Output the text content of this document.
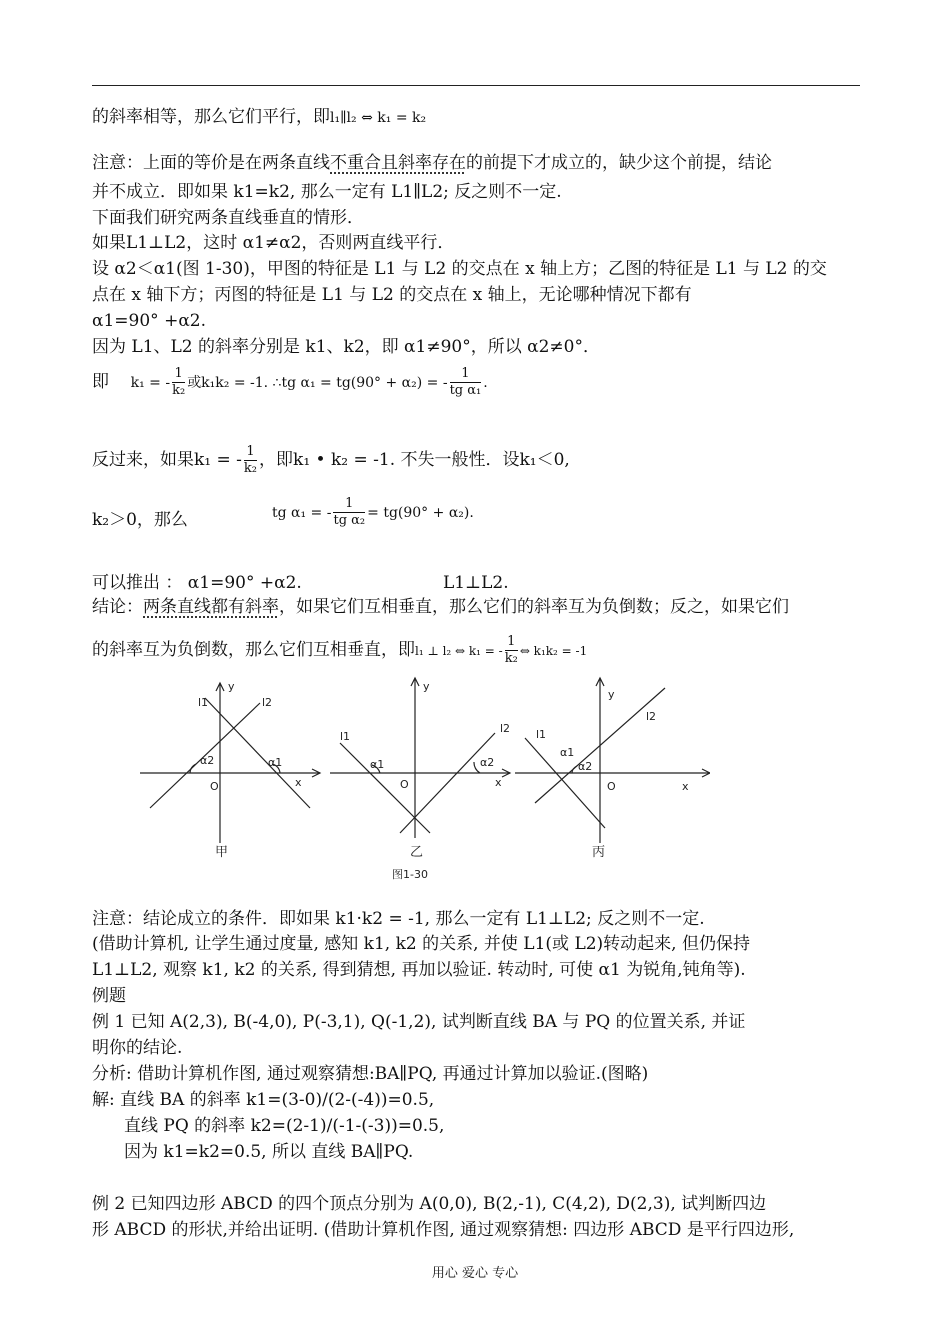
的斜率相等，那么它们平行，即l₁∥l₂ ⇔ k₁ = k₂
注意：上面的等价是在两条直线不重合且斜率存在的前提下才成立的，缺少这个前提，结论
并不成立．即如果 k1=k2, 那么一定有 L1∥L2; 反之则不一定.
下面我们研究两条直线垂直的情形．
如果L1⊥L2，这时 α1≠α2，否则两直线平行．
设 α2＜α1(图 1-30)，甲图的特征是 L1 与 L2 的交点在 x 轴上方；乙图的特征是 L1 与 L2 的交
点在 x 轴下方；丙图的特征是 L1 与 L2 的交点在 x 轴上，无论哪种情况下都有
α1=90° +α2.
因为 L1、L2 的斜率分别是 k1、k2，即 α1≠90°，所以 α2≠0°．
即 k₁ = - $\frac{1}{\text{k₂}}$ 或k₁k₂ = -1. ∴tg α₁ = tg(90° + α₂) = - $\frac{1}{\text{tg α₁}}$ .
反过来，如果k₁ = - $\frac{1}{\text{k₂}}$ ，即k₁ • k₂ = -1. 不失一般性．设k₁＜0,
k₂＞0，那么	tg α₁ = - $\frac{1}{\text{tg α₂}} = tg(90^\circ + \alpha_2)$.
可以推出 ： α1=90° +α2.	L1⊥L2.
结论：两条直线都有斜率，如果它们互相垂直，那么它们的斜率互为负倒数；反之，如果它们
的斜率互为负倒数，那么它们互相垂直，即l₁ ⊥ l₂ ⇔ k₁ = - $\frac{1}{\text{k₂}}$ ⇔ k₁k₂ = -1
l1	l2
y
x
O
α2	α1
l1
l2
y
x
O
α1	α2
l1
l2
y
x
O
α1
α2
甲	乙	丙
图1-30
注意：结论成立的条件．即如果 k1·k2 = -1, 那么一定有 L1⊥L2; 反之则不一定.
(借助计算机, 让学生通过度量, 感知 k1, k2 的关系, 并使 L1(或 L2)转动起来, 但仍保持
L1⊥L2, 观察 k1, k2 的关系, 得到猜想, 再加以验证. 转动时, 可使 α1 为锐角,钝角等).
例题
例 1 已知 A(2,3), B(-4,0), P(-3,1), Q(-1,2), 试判断直线 BA 与 PQ 的位置关系, 并证
明你的结论.
分析: 借助计算机作图, 通过观察猜想:BA∥PQ, 再通过计算加以验证.(图略)
解: 直线 BA 的斜率 k1=(3-0)/(2-(-4))=0.5,
直线 PQ 的斜率 k2=(2-1)/(-1-(-3))=0.5,
因为 k1=k2=0.5, 所以 直线 BA∥PQ.
例 2 已知四边形 ABCD 的四个顶点分别为 A(0,0), B(2,-1), C(4,2), D(2,3), 试判断四边
形 ABCD 的形状,并给出证明. (借助计算机作图, 通过观察猜想: 四边形 ABCD 是平行四边形,
用心 爱心 专心
